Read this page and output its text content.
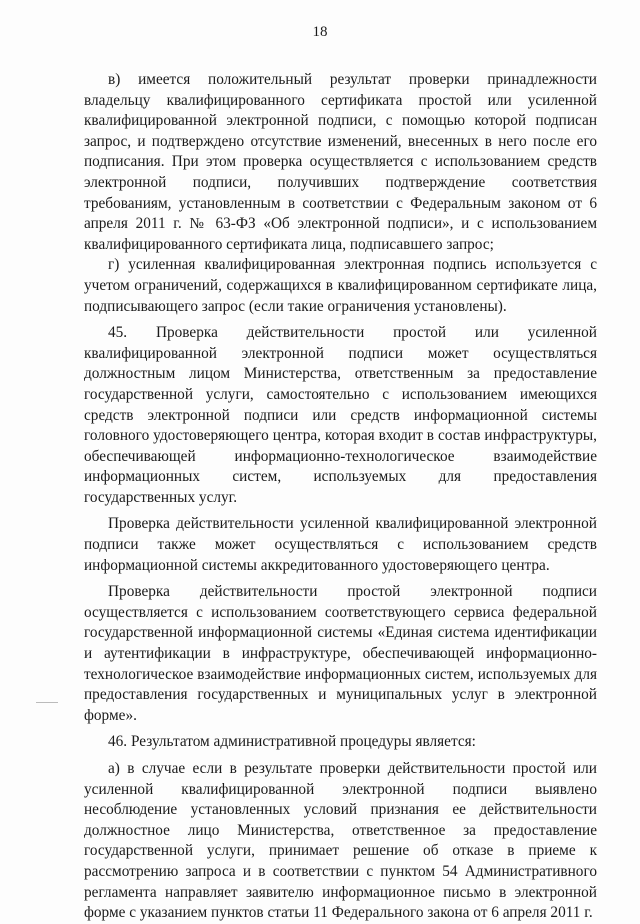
18

в) имеется положительный результат проверки принадлежности владельцу квалифицированного сертификата простой или усиленной квалифицированной электронной подписи, с помощью которой подписан запрос, и подтверждено отсутствие изменений, внесенных в него после его подписания. При этом проверка осуществляется с использованием средств электронной подписи, получивших подтверждение соответствия требованиям, установленным в соответствии с Федеральным законом от 6 апреля 2011 г. № 63-ФЗ «Об электронной подписи», и с использованием квалифицированного сертификата лица, подписавшего запрос;

г) усиленная квалифицированная электронная подпись используется с учетом ограничений, содержащихся в квалифицированном сертификате лица, подписывающего запрос (если такие ограничения установлены).

45. Проверка действительности простой или усиленной квалифицированной электронной подписи может осуществляться должностным лицом Министерства, ответственным за предоставление государственной услуги, самостоятельно с использованием имеющихся средств электронной подписи или средств информационной системы головного удостоверяющего центра, которая входит в состав инфраструктуры, обеспечивающей информационно-технологическое взаимодействие информационных систем, используемых для предоставления государственных услуг.

Проверка действительности усиленной квалифицированной электронной подписи также может осуществляться с использованием средств информационной системы аккредитованного удостоверяющего центра.

Проверка действительности простой электронной подписи осуществляется с использованием соответствующего сервиса федеральной государственной информационной системы «Единая система идентификации и аутентификации в инфраструктуре, обеспечивающей информационно-технологическое взаимодействие информационных систем, используемых для предоставления государственных и муниципальных услуг в электронной форме».

46. Результатом административной процедуры является:

а) в случае если в результате проверки действительности простой или усиленной квалифицированной электронной подписи выявлено несоблюдение установленных условий признания ее действительности должностное лицо Министерства, ответственное за предоставление государственной услуги, принимает решение об отказе в приеме к рассмотрению запроса и в соответствии с пунктом 54 Административного регламента направляет заявителю информационное письмо в электронной форме с указанием пунктов статьи 11 Федерального закона от 6 апреля 2011 г.
